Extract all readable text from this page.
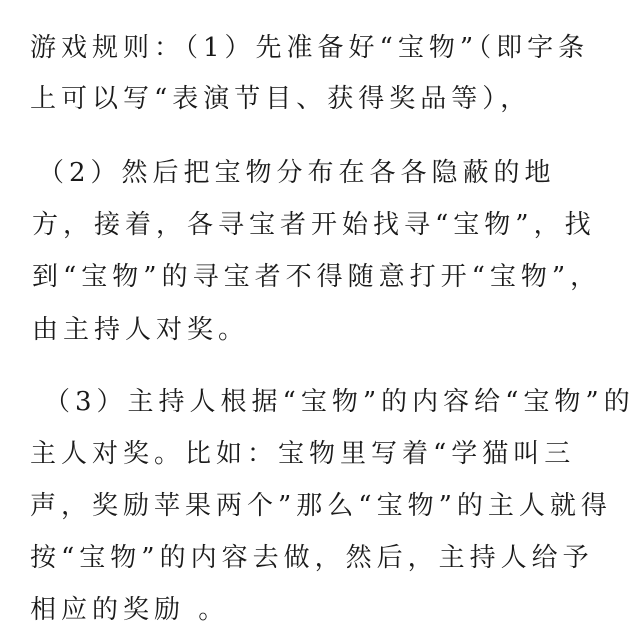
游戏规则：（1）先准备好“宝物”（即字条
上可以写“表演节目、获得奖品等），
（2）然后把宝物分布在各各隐蔽的地
方，接着，各寻宝者开始找寻“宝物”，找
到“宝物”的寻宝者不得随意打开“宝物”，
由主持人对奖。
（3）主持人根据“宝物”的内容给“宝物”的
主人对奖。比如：宝物里写着“学猫叫三
声，奖励苹果两个”那么“宝物”的主人就得
按“宝物”的内容去做，然后，主持人给予
相应的奖励 。
